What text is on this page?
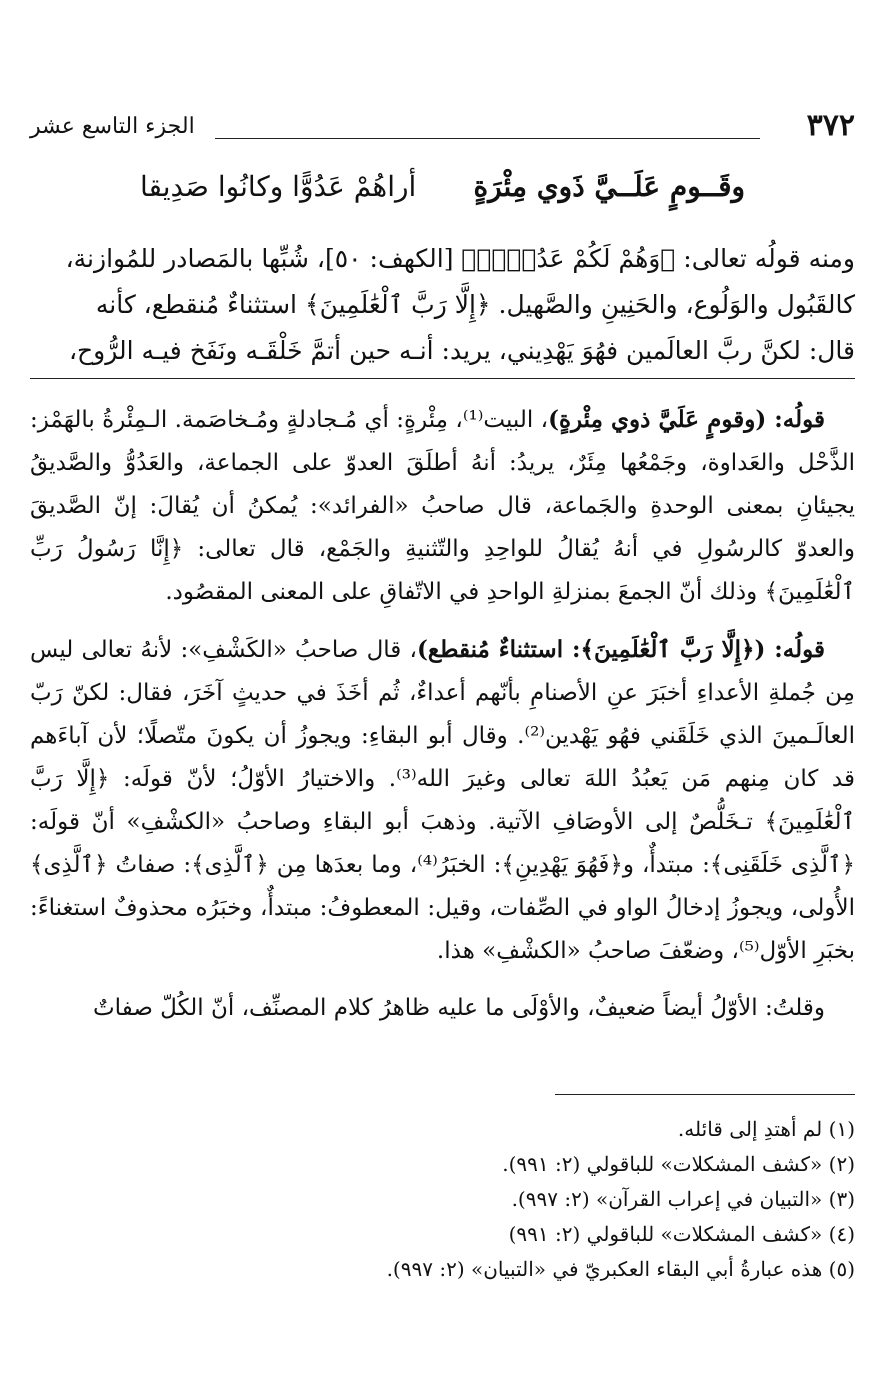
٣٧٢
الجزء التاسع عشر
وقَــومٍ عَلَــيَّ ذَوي مِئْرَةٍ
أراهُمْ عَدُوًّا وكانُوا صَدِيقا

ومنه قولُه تعالى: ﴿وَهُمْ لَكُمْ عَدُوٌّۢ﴾ [الكهف: ٥٠]، شُبِّها بالمَصادر للمُوازنة،

كالقَبُول والوَلُوع، والحَنِينِ والصَّهيل. ﴿إِلَّا رَبَّ ٱلْعَٰلَمِينَ﴾ استثناءٌ مُنقطع، كأنه

قال: لكنَّ ربَّ العالَمين فهُوَ يَهْدِيني، يريد: أنـه حين أتمَّ خَلْقَـه ونَفَخ فيـه الرُّوح،

قولُه: (وقومٍ عَلَيَّ ذوي مِئْرةٍ)، البيت⁽¹⁾، مِئْرةٍ: أي مُـجادلةٍ ومُـخاصَمة. الـمِئْرةُ بالهَمْز: الذَّحْل والعَداوة، وجَمْعُها مِئَرٌ، يريدُ: أنهُ أطلَقَ العدوّ على الجماعة، والعَدُوُّ والصَّديقُ يجيئانِ بمعنى الوحدةِ والجَماعة، قال صاحبُ «الفرائد»: يُمكنُ أن يُقالَ: إنّ الصَّديقَ والعدوّ كالرسُولِ في أنهُ يُقالُ للواحِدِ والتّثنيةِ والجَمْع، قال تعالى: ﴿إِنَّا رَسُولُ رَبِّ ٱلْعَٰلَمِينَ﴾ وذلك أنّ الجمعَ بمنزلةِ الواحدِ في الاتّفاقِ على المعنى المقصُود.

قولُه: (﴿إِلَّا رَبَّ ٱلْعَٰلَمِينَ﴾: استثناءٌ مُنقطع)، قال صاحبُ «الكَشْفِ»: لأنهُ تعالى ليس مِن جُملةِ الأعداءِ أخبَرَ عنِ الأصنامِ بأنّهم أعداءٌ، ثُم أخَذَ في حديثٍ آخَرَ، فقال: لكنّ رَبّ العالَـمينَ الذي خَلَقَني فهُو يَهْدين⁽²⁾. وقال أبو البقاءِ: ويجوزُ أن يكونَ متّصلًا؛ لأن آباءَهم قد كان مِنهم مَن يَعبُدُ اللهَ تعالى وغيرَ الله⁽³⁾. والاختيارُ الأوّلُ؛ لأنّ قولَه: ﴿إِلَّا رَبَّ ٱلْعَٰلَمِينَ﴾ تـخَلُّصٌ إلى الأوصَافِ الآتية. وذهبَ أبو البقاءِ وصاحبُ «الكشْفِ» أنّ قولَه: ﴿ٱلَّذِى خَلَقَنِى﴾: مبتدأٌ، و﴿فَهُوَ يَهْدِينِ﴾: الخبَرُ⁽⁴⁾، وما بعدَها مِن ﴿ٱلَّذِى﴾: صفاتُ ﴿ٱلَّذِى﴾ الأُولى، ويجوزُ إدخالُ الواو في الصِّفات، وقيل: المعطوفُ: مبتدأٌ، وخبَرُه محذوفٌ استغناءً: بخبَرِ الأوّل⁽⁵⁾، وضعّفَ صاحبُ «الكشْفِ» هذا.

وقلتُ: الأوّلُ أيضاً ضعيفٌ، والأوْلَى ما عليه ظاهرُ كلام المصنِّف، أنّ الكُلّ صفاتٌ

(١) لم أهتدِ إلى قائله.
(٢) «كشف المشكلات» للباقولي (٢: ٩٩١).
(٣) «التبيان في إعراب القرآن» (٢: ٩٩٧).
(٤) «كشف المشكلات» للباقولي (٢: ٩٩١)
(٥) هذه عبارةُ أبي البقاء العكبريّ في «التبيان» (٢: ٩٩٧).
